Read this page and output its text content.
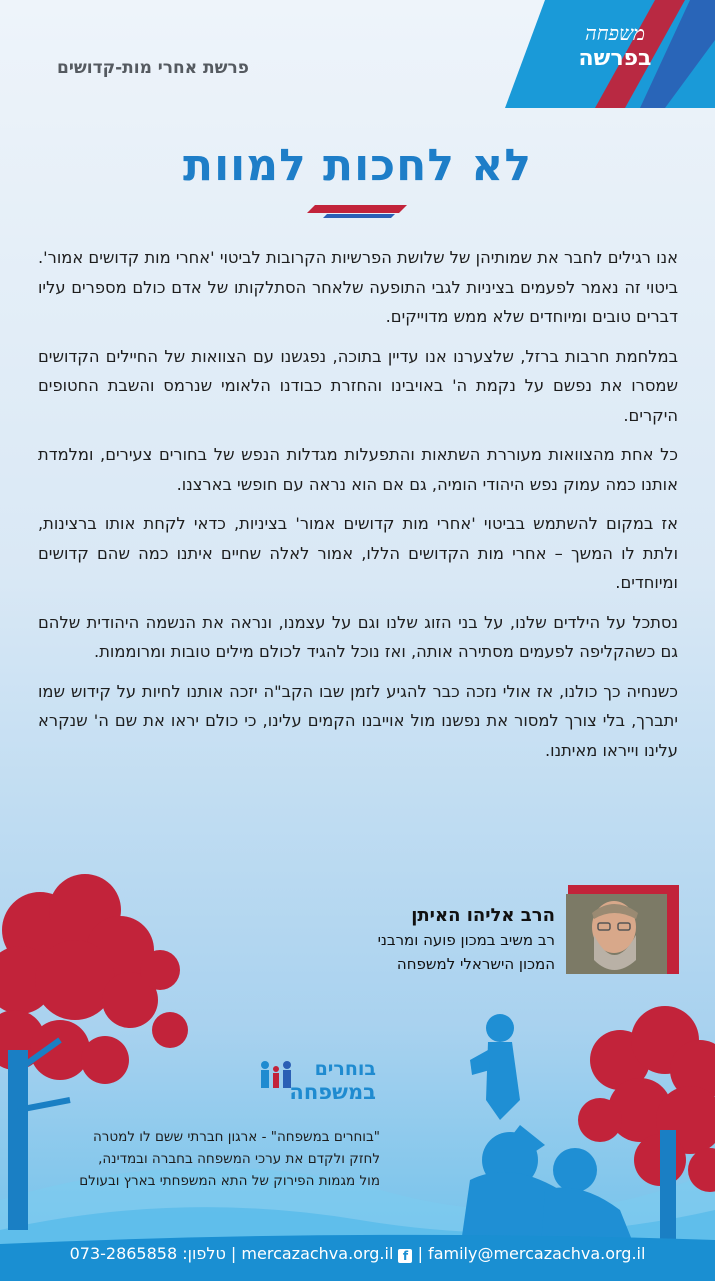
משפחה
בפרשה
פרשת אחרי מות-קדושים
לא לחכות למוות

אנו רגילים לחבר את שמותיהן של שלושת הפרשיות הקרובות לביטוי 'אחרי מות קדושים אמור'. ביטוי זה נאמר לפעמים בציניות לגבי התופעה שלאחר הסתלקותו של אדם כולם מספרים עליו דברים טובים ומיוחדים שלא ממש מדוייקים.

במלחמת חרבות ברזל, שלצערנו אנו עדיין בתוכה, נפגשנו עם הצוואות של החיילים הקדושים שמסרו את נפשם על נקמת ה' באויבינו והחזרת כבודנו הלאומי שנרמס והשבת החטופים היקרים.

כל אחת מהצוואות מעוררת השתאות והתפעלות מגדלות הנפש של בחורים צעירים, ומלמדת אותנו כמה עמוק נפש היהודי הומיה, גם אם הוא נראה עם חופשי בארצנו.

אז במקום להשתמש בביטוי 'אחרי מות קדושים אמור' בציניות, כדאי לקחת אותו ברצינות, ולתת לו המשך – אחרי מות הקדושים הללו, אמור לאלה שחיים איתנו כמה שהם קדושים ומיוחדים.

נסתכל על הילדים שלנו, על בני הזוג שלנו וגם על עצמנו, ונראה את הנשמה היהודית שלהם גם כשהקליפה לפעמים מסתירה אותה, ואז נוכל להגיד לכולם מילים טובות ומרוממות.

כשנחיה כך כולנו, אז אולי נזכה כבר להגיע לזמן שבו הקב"ה יזכה אותנו לחיות על קידוש שמו יתברך, בלי צורך למסור את נפשנו מול אוייבנו הקמים עלינו, כי כולם יראו את שם ה' שנקרא עלינו וייראו מאיתנו.

הרב אליהו האיתן
רב משיב במכון פועה ומרבני
המכון הישראלי למשפחה
בוחרים
במשפחה
"בוחרים במשפחה" - ארגון חברתי ששם לו למטרה
לחזק ולקדם את ערכי המשפחה בחברה ובמדינה,
מול מגמות הפירוק של התא המשפחתי בארץ ובעולם
family@mercazachva.org.il | f mercazachva.org.il | טלפון: 073-2865858
